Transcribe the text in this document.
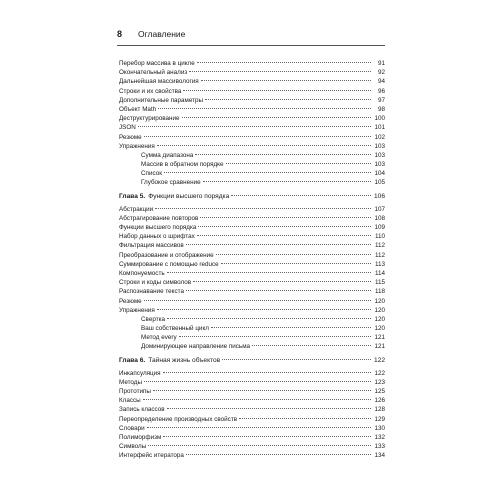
8 Оглавление
Перебор массива в цикле	91
Окончательный анализ	92
Дальнейшая массивология	94
Строки и их свойства	96
Дополнительные параметры	97
Объект Math	98
Деструктурирование	100
JSON	101
Резюме	102
Упражнения	103
Сумма диапазона	103
Массив в обратном порядке	103
Список	104
Глубокое сравнение	105
Глава 5. Функции высшего порядка	106
Абстракции	107
Абстрагирование повторов	108
Функции высшего порядка	109
Набор данных о шрифтах	110
Фильтрация массивов	112
Преобразование и отображение	112
Суммирование с помощью reduce	113
Компонуемость	114
Строки и коды символов	115
Распознавание текста	118
Резюме	120
Упражнения	120
Свертка	120
Ваш собственный цикл	120
Метод every	121
Доминирующее направление письма	121
Глава 6. Тайная жизнь объектов	122
Инкапсуляция	122
Методы	123
Прототипы	125
Классы	126
Запись классов	128
Переопределение производных свойств	129
Словари	130
Полиморфизм	132
Символы	133
Интерфейс итератора	134
